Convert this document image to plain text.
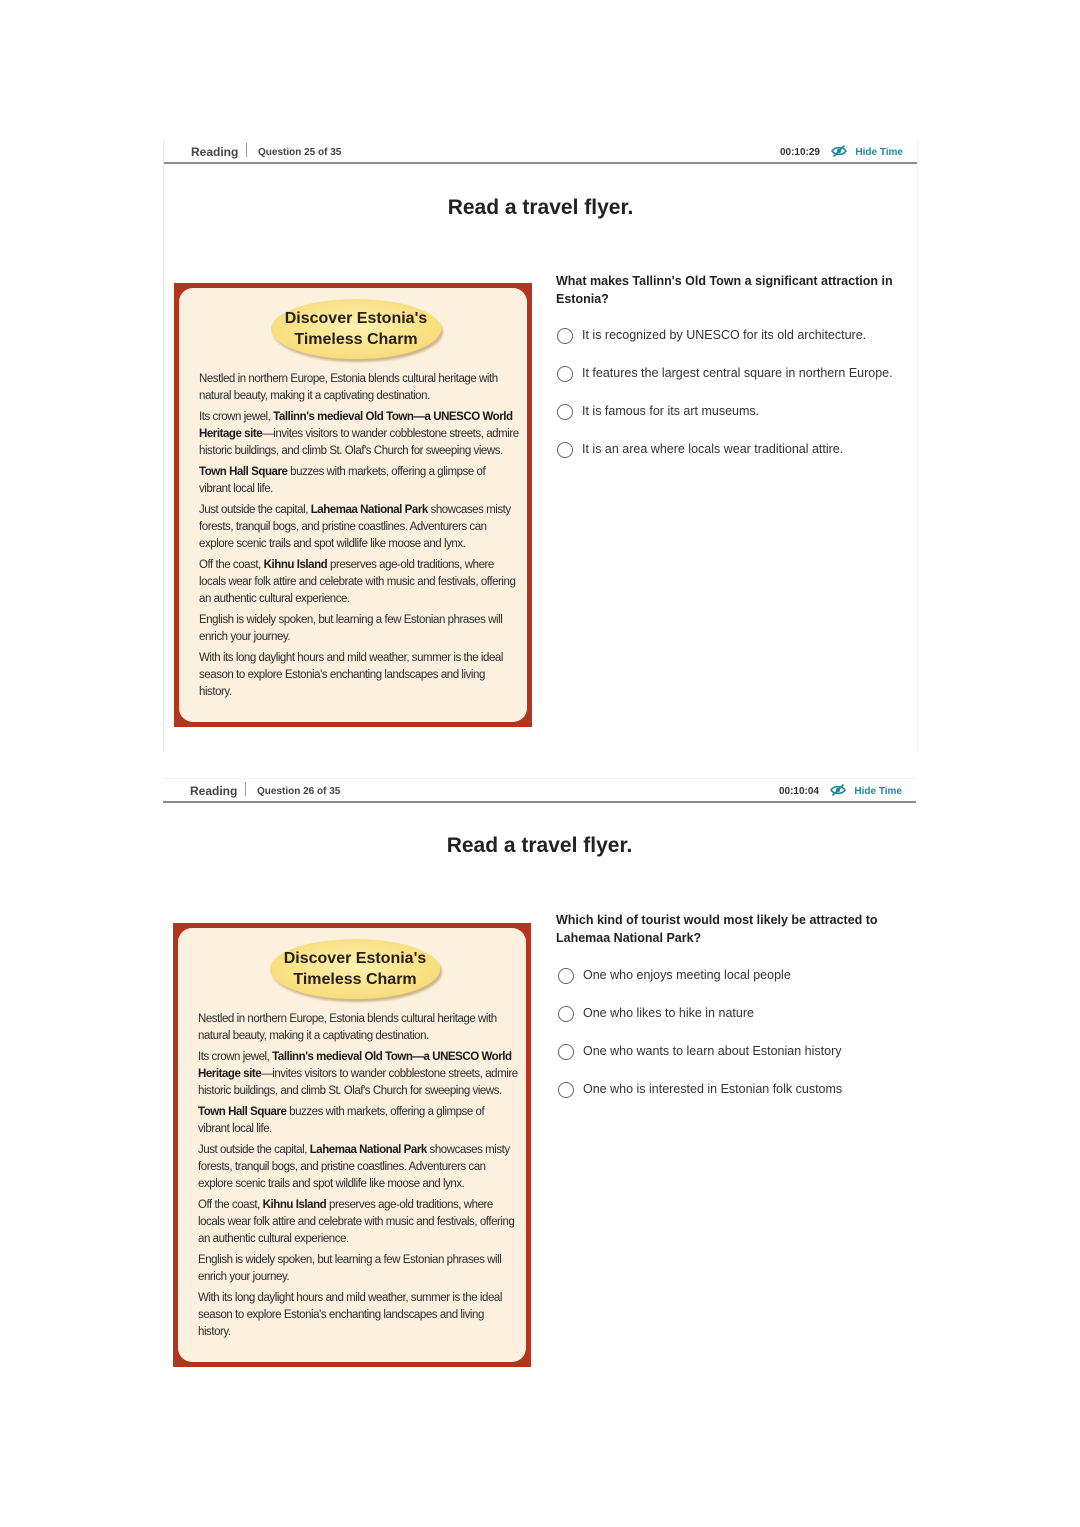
Reading Question 25 of 35	00:10:29	Hide Time
Read a travel flyer.
Discover Estonia's
Timeless Charm

Nestled in northern Europe, Estonia blends cultural heritage with natural beauty, making it a captivating destination.

Its crown jewel, Tallinn's medieval Old Town—a UNESCO World Heritage site—invites visitors to wander cobblestone streets, admire historic buildings, and climb St. Olaf's Church for sweeping views.

Town Hall Square buzzes with markets, offering a glimpse of vibrant local life.

Just outside the capital, Lahemaa National Park showcases misty forests, tranquil bogs, and pristine coastlines. Adventurers can explore scenic trails and spot wildlife like moose and lynx.

Off the coast, Kihnu Island preserves age-old traditions, where locals wear folk attire and celebrate with music and festivals, offering an authentic cultural experience.

English is widely spoken, but learning a few Estonian phrases will enrich your journey.

With its long daylight hours and mild weather, summer is the ideal season to explore Estonia's enchanting landscapes and living history.

What makes Tallinn's Old Town a significant attraction in Estonia?
It is recognized by UNESCO for its old architecture.
It features the largest central square in northern Europe.
It is famous for its art museums.
It is an area where locals wear traditional attire.
Reading Question 26 of 35	00:10:04	Hide Time
Read a travel flyer.
Discover Estonia's
Timeless Charm

Nestled in northern Europe, Estonia blends cultural heritage with natural beauty, making it a captivating destination.

Its crown jewel, Tallinn's medieval Old Town—a UNESCO World Heritage site—invites visitors to wander cobblestone streets, admire historic buildings, and climb St. Olaf's Church for sweeping views.

Town Hall Square buzzes with markets, offering a glimpse of vibrant local life.

Just outside the capital, Lahemaa National Park showcases misty forests, tranquil bogs, and pristine coastlines. Adventurers can explore scenic trails and spot wildlife like moose and lynx.

Off the coast, Kihnu Island preserves age-old traditions, where locals wear folk attire and celebrate with music and festivals, offering an authentic cultural experience.

English is widely spoken, but learning a few Estonian phrases will enrich your journey.

With its long daylight hours and mild weather, summer is the ideal season to explore Estonia's enchanting landscapes and living history.

Which kind of tourist would most likely be attracted to Lahemaa National Park?
One who enjoys meeting local people
One who likes to hike in nature
One who wants to learn about Estonian history
One who is interested in Estonian folk customs
